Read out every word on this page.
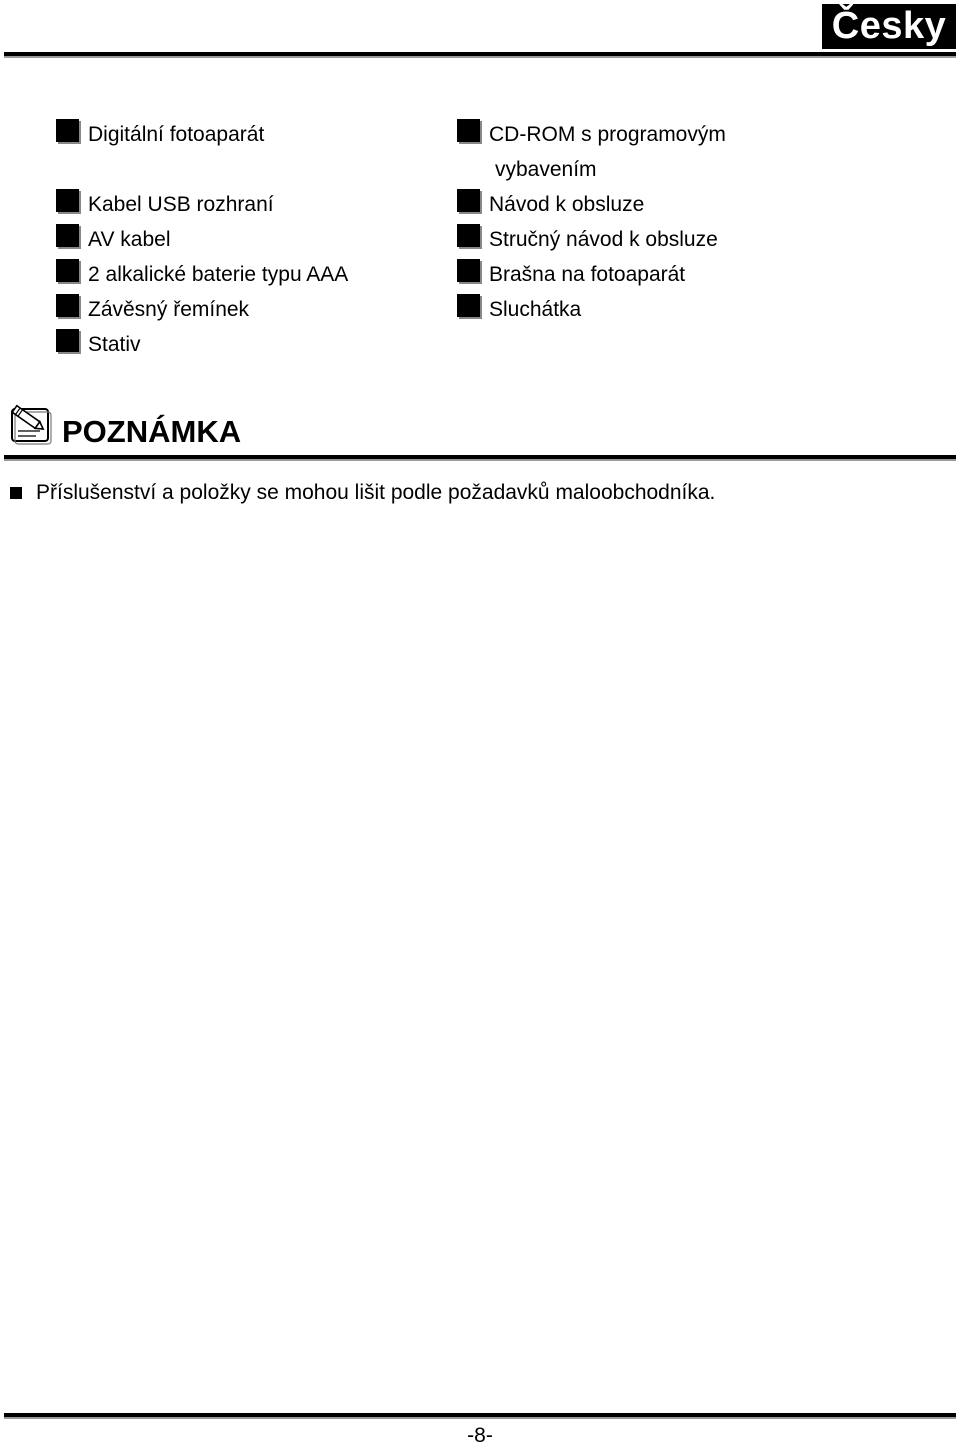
Česky
Digitální fotoaparát
Kabel USB rozhraní
AV kabel
2 alkalické baterie typu AAA
Závěsný řemínek
Stativ
CD-ROM s programovým
vybavením
Návod k obsluze
Stručný návod k obsluze
Brašna na fotoaparát
Sluchátka
POZNÁMKA
Příslušenství a položky se mohou lišit podle požadavků maloobchodníka.
-8-
